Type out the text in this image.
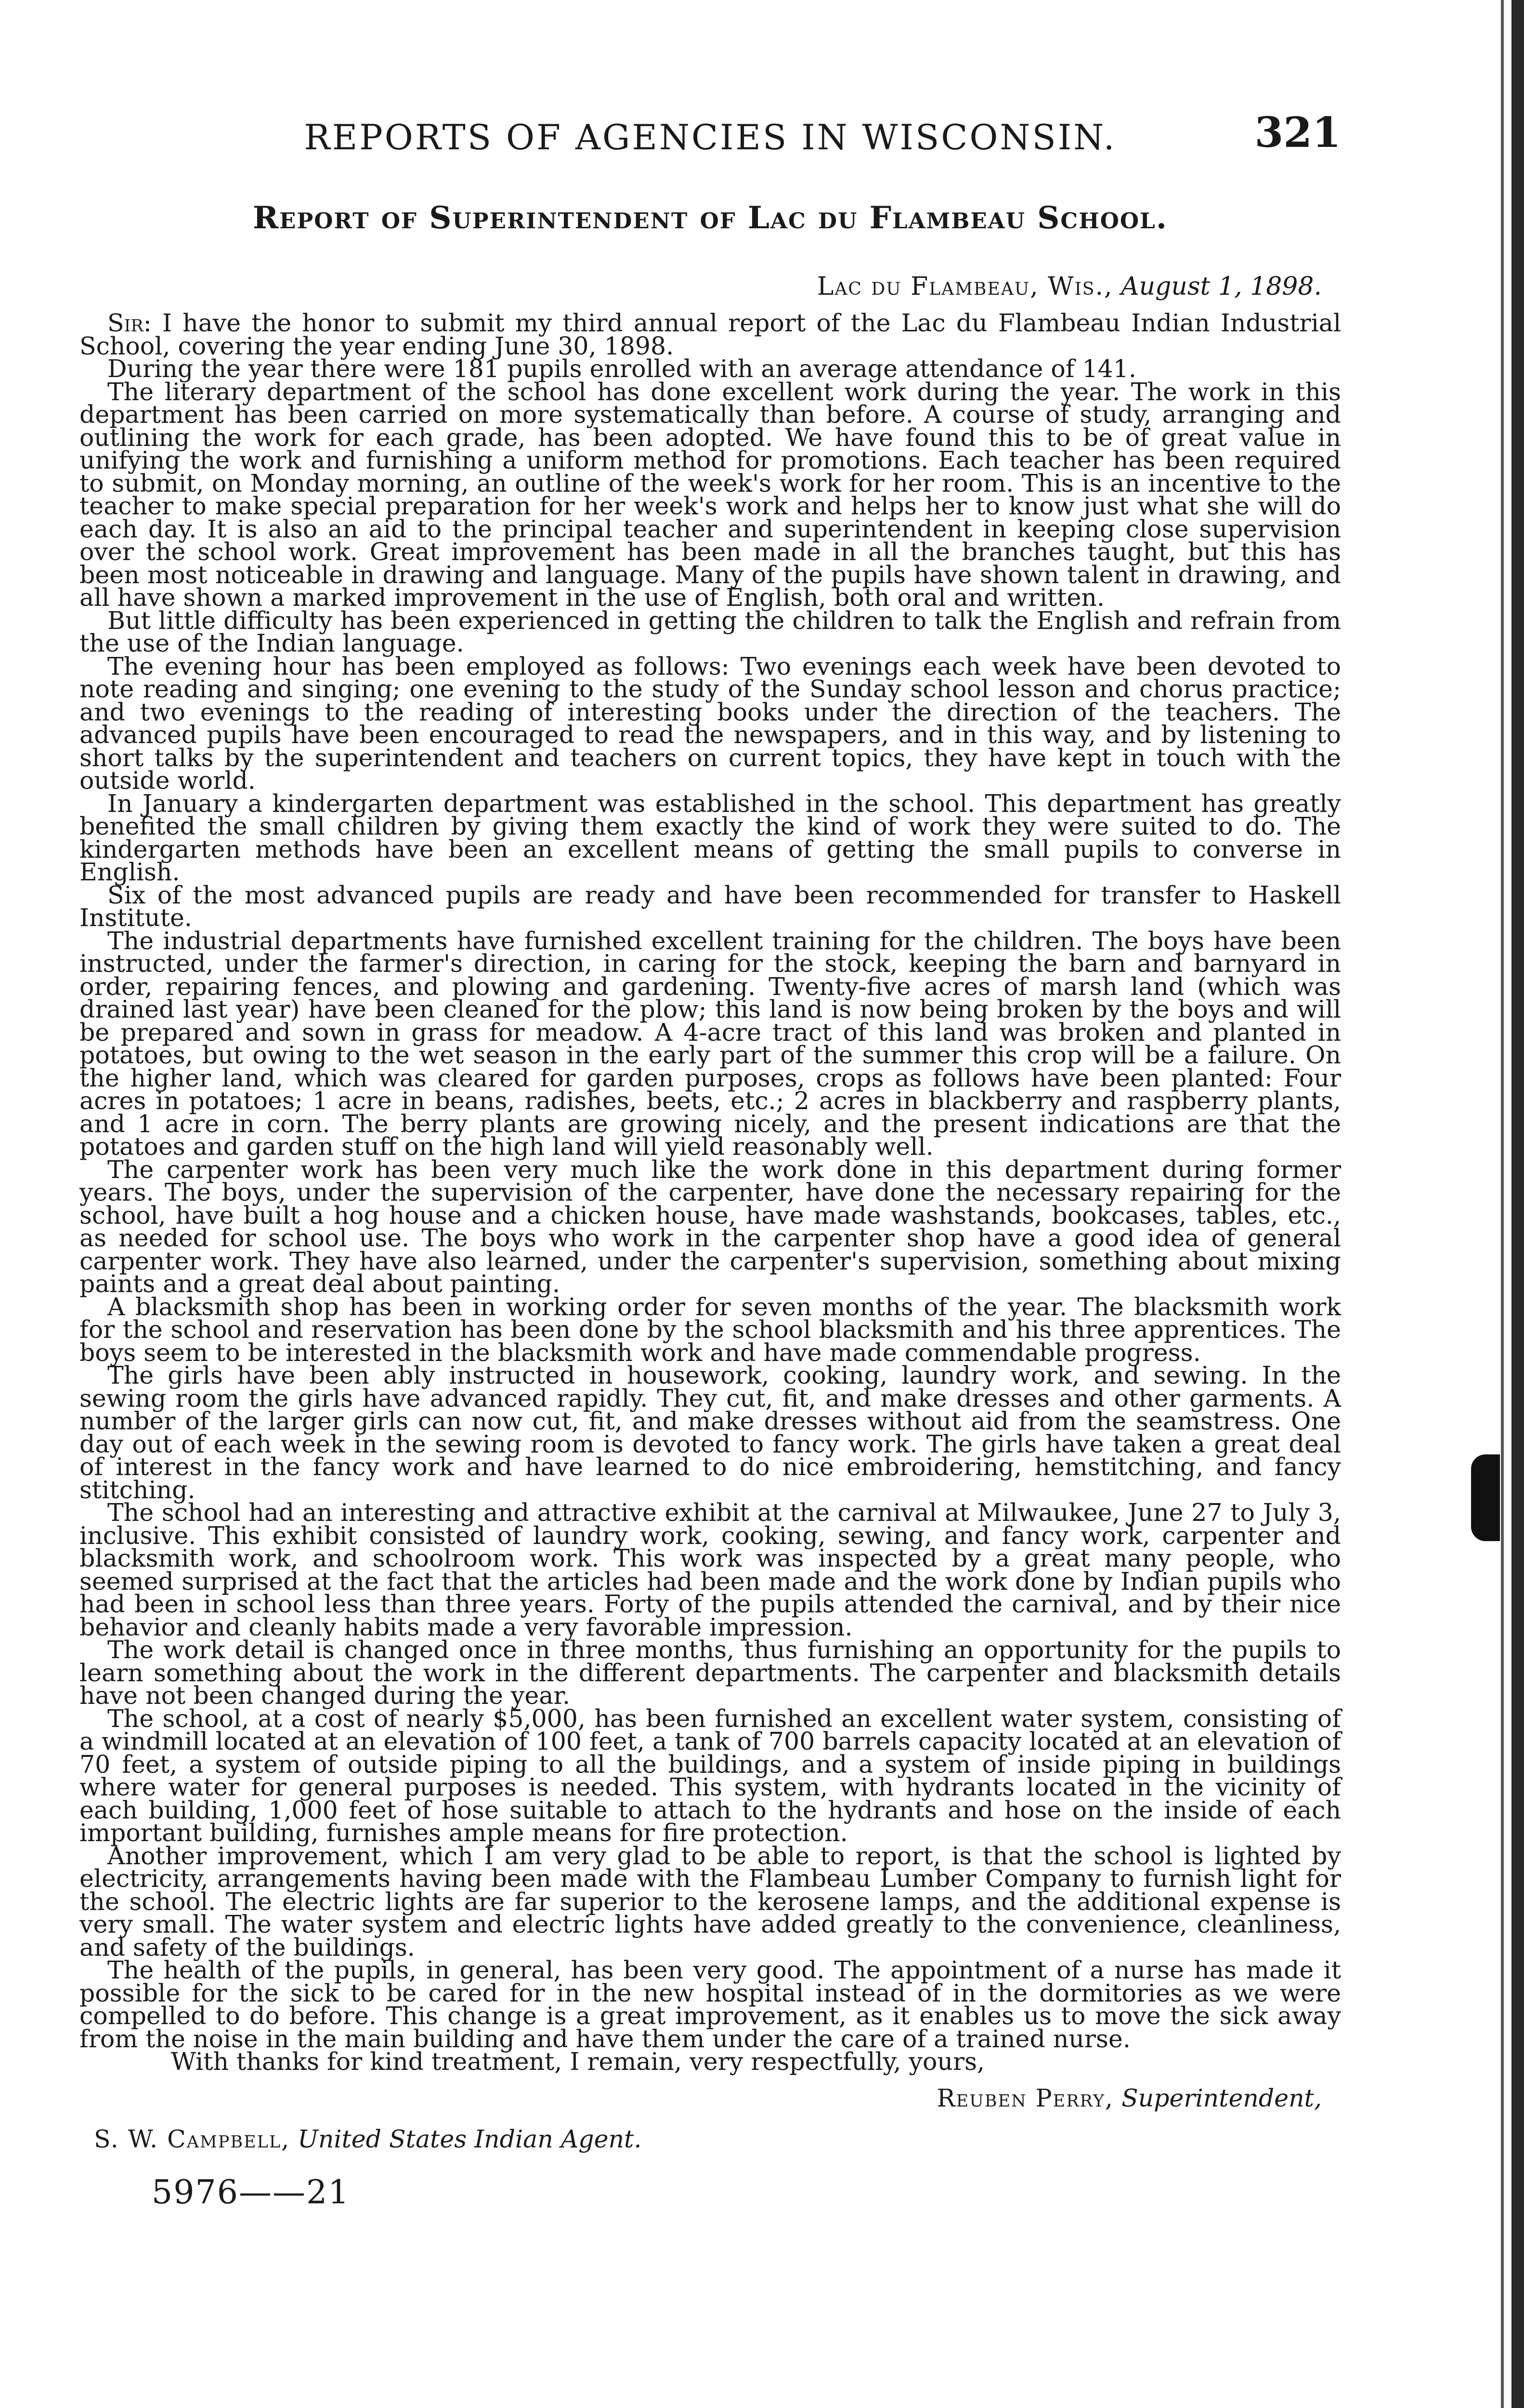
REPORTS OF AGENCIES IN WISCONSIN.	321
Report of Superintendent of Lac du Flambeau School.
Lac du Flambeau, Wis., August 1, 1898.

Sir: I have the honor to submit my third annual report of the Lac du Flambeau Indian Industrial School, covering the year ending June 30, 1898.

During the year there were 181 pupils enrolled with an average attendance of 141.

The literary department of the school has done excellent work during the year. The work in this department has been carried on more systematically than before. A course of study, arranging and outlining the work for each grade, has been adopted. We have found this to be of great value in unifying the work and furnishing a uniform method for promotions. Each teacher has been required to submit, on Monday morning, an outline of the week's work for her room. This is an incentive to the teacher to make special preparation for her week's work and helps her to know just what she will do each day. It is also an aid to the principal teacher and superintendent in keeping close supervision over the school work. Great improvement has been made in all the branches taught, but this has been most noticeable in drawing and language. Many of the pupils have shown talent in drawing, and all have shown a marked improvement in the use of English, both oral and written.

But little difficulty has been experienced in getting the children to talk the English and refrain from the use of the Indian language.

The evening hour has been employed as follows: Two evenings each week have been devoted to note reading and singing; one evening to the study of the Sunday school lesson and chorus practice; and two evenings to the reading of interesting books under the direction of the teachers. The advanced pupils have been encouraged to read the newspapers, and in this way, and by listening to short talks by the superintendent and teachers on current topics, they have kept in touch with the outside world.

In January a kindergarten department was established in the school. This department has greatly benefited the small children by giving them exactly the kind of work they were suited to do. The kindergarten methods have been an excellent means of getting the small pupils to converse in English.

Six of the most advanced pupils are ready and have been recommended for transfer to Haskell Institute.

The industrial departments have furnished excellent training for the children. The boys have been instructed, under the farmer's direction, in caring for the stock, keeping the barn and barnyard in order, repairing fences, and plowing and gardening. Twenty-five acres of marsh land (which was drained last year) have been cleaned for the plow; this land is now being broken by the boys and will be prepared and sown in grass for meadow. A 4-acre tract of this land was broken and planted in potatoes, but owing to the wet season in the early part of the summer this crop will be a failure. On the higher land, which was cleared for garden purposes, crops as follows have been planted: Four acres in potatoes; 1 acre in beans, radishes, beets, etc.; 2 acres in blackberry and raspberry plants, and 1 acre in corn. The berry plants are growing nicely, and the present indications are that the potatoes and garden stuff on the high land will yield reasonably well.

The carpenter work has been very much like the work done in this department during former years. The boys, under the supervision of the carpenter, have done the necessary repairing for the school, have built a hog house and a chicken house, have made washstands, bookcases, tables, etc., as needed for school use. The boys who work in the carpenter shop have a good idea of general carpenter work. They have also learned, under the carpenter's supervision, something about mixing paints and a great deal about painting.

A blacksmith shop has been in working order for seven months of the year. The blacksmith work for the school and reservation has been done by the school blacksmith and his three apprentices. The boys seem to be interested in the blacksmith work and have made commendable progress.

The girls have been ably instructed in housework, cooking, laundry work, and sewing. In the sewing room the girls have advanced rapidly. They cut, fit, and make dresses and other garments. A number of the larger girls can now cut, fit, and make dresses without aid from the seamstress. One day out of each week in the sewing room is devoted to fancy work. The girls have taken a great deal of interest in the fancy work and have learned to do nice embroidering, hemstitching, and fancy stitching.

The school had an interesting and attractive exhibit at the carnival at Milwaukee, June 27 to July 3, inclusive. This exhibit consisted of laundry work, cooking, sewing, and fancy work, carpenter and blacksmith work, and schoolroom work. This work was inspected by a great many people, who seemed surprised at the fact that the articles had been made and the work done by Indian pupils who had been in school less than three years. Forty of the pupils attended the carnival, and by their nice behavior and cleanly habits made a very favorable impression.

The work detail is changed once in three months, thus furnishing an opportunity for the pupils to learn something about the work in the different departments. The carpenter and blacksmith details have not been changed during the year.

The school, at a cost of nearly $5,000, has been furnished an excellent water system, consisting of a windmill located at an elevation of 100 feet, a tank of 700 barrels capacity located at an elevation of 70 feet, a system of outside piping to all the buildings, and a system of inside piping in buildings where water for general purposes is needed. This system, with hydrants located in the vicinity of each building, 1,000 feet of hose suitable to attach to the hydrants and hose on the inside of each important building, furnishes ample means for fire protection.

Another improvement, which I am very glad to be able to report, is that the school is lighted by electricity, arrangements having been made with the Flambeau Lumber Company to furnish light for the school. The electric lights are far superior to the kerosene lamps, and the additional expense is very small. The water system and electric lights have added greatly to the convenience, cleanliness, and safety of the buildings.

The health of the pupils, in general, has been very good. The appointment of a nurse has made it possible for the sick to be cared for in the new hospital instead of in the dormitories as we were compelled to do before. This change is a great improvement, as it enables us to move the sick away from the noise in the main building and have them under the care of a trained nurse.

With thanks for kind treatment, I remain, very respectfully, yours,
Reuben Perry, Superintendent,
S. W. Campbell, United States Indian Agent.
5976——21
